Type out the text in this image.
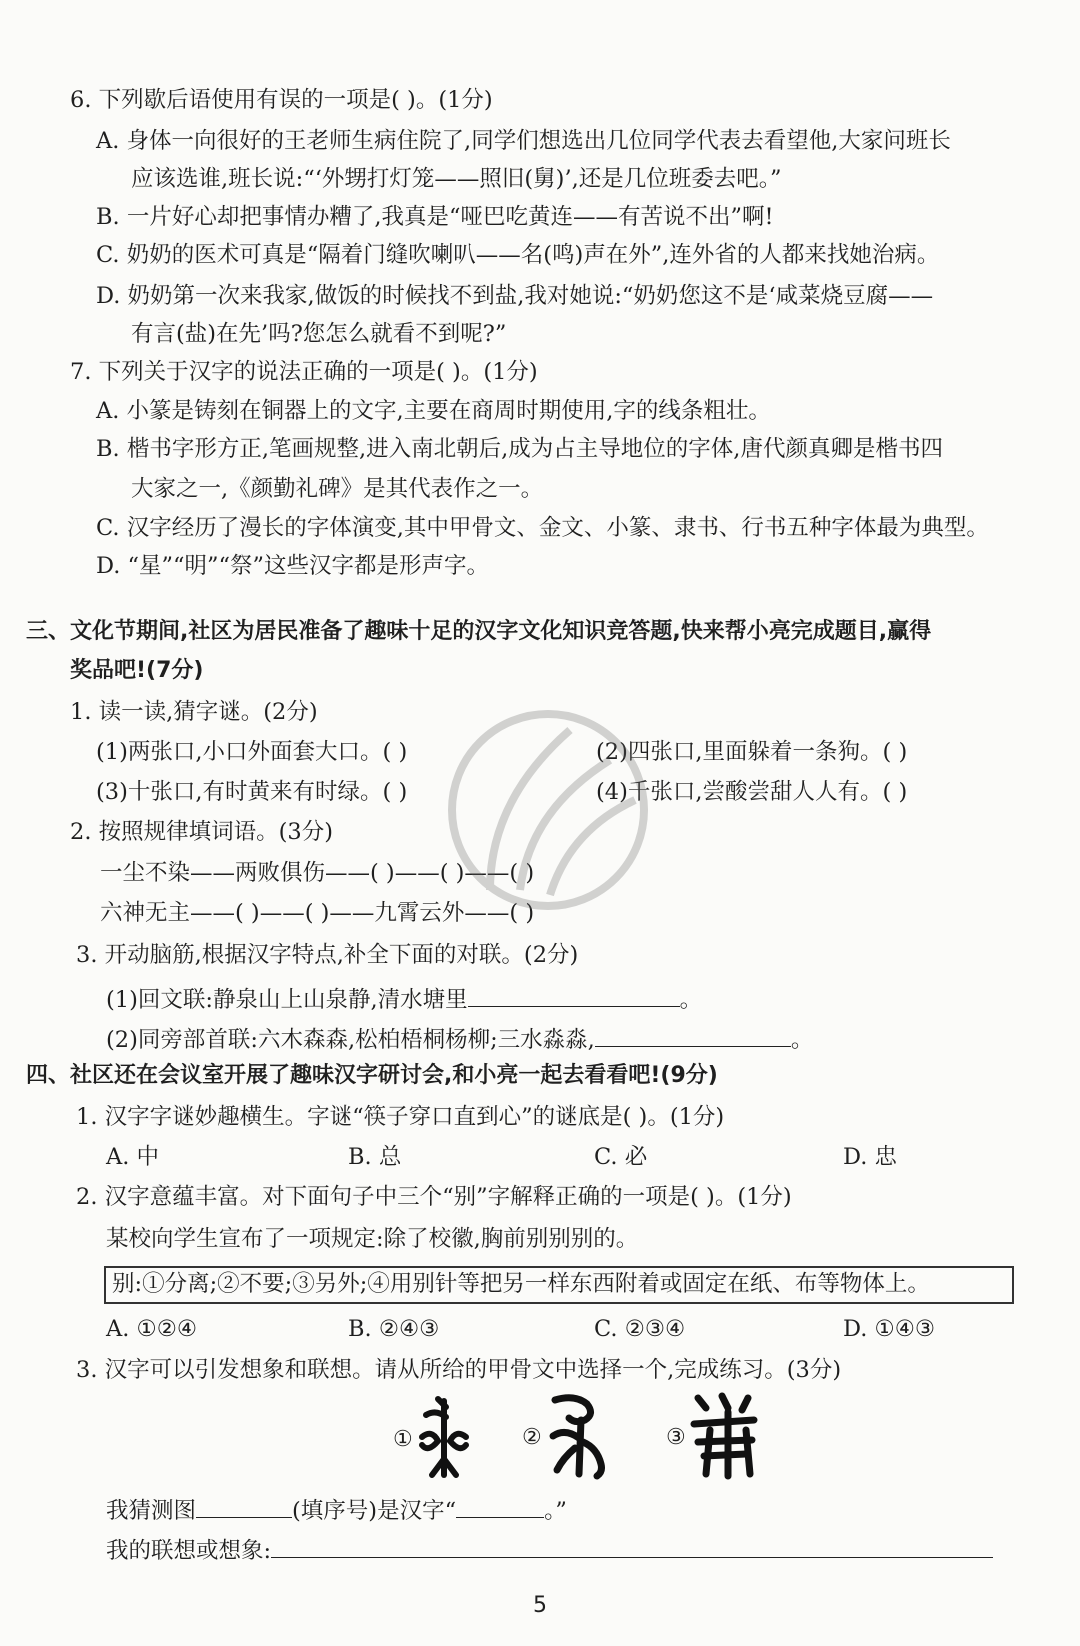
6. 下列歇后语使用有误的一项是( )。(1分)
A. 身体一向很好的王老师生病住院了,同学们想选出几位同学代表去看望他,大家问班长
应该选谁,班长说:“‘外甥打灯笼——照旧(舅)’,还是几位班委去吧。”
B. 一片好心却把事情办糟了,我真是“哑巴吃黄连——有苦说不出”啊!
C. 奶奶的医术可真是“隔着门缝吹喇叭——名(鸣)声在外”,连外省的人都来找她治病。
D. 奶奶第一次来我家,做饭的时候找不到盐,我对她说:“奶奶您这不是‘咸菜烧豆腐——
有言(盐)在先’吗?您怎么就看不到呢?”
7. 下列关于汉字的说法正确的一项是( )。(1分)
A. 小篆是铸刻在铜器上的文字,主要在商周时期使用,字的线条粗壮。
B. 楷书字形方正,笔画规整,进入南北朝后,成为占主导地位的字体,唐代颜真卿是楷书四
大家之一,《颜勤礼碑》是其代表作之一。
C. 汉字经历了漫长的字体演变,其中甲骨文、金文、小篆、隶书、行书五种字体最为典型。
D. “星”“明”“祭”这些汉字都是形声字。
三、文化节期间,社区为居民准备了趣味十足的汉字文化知识竞答题,快来帮小亮完成题目,赢得
奖品吧!(7分)
1. 读一读,猜字谜。(2分)
(1)两张口,小口外面套大口。( )	(2)四张口,里面躲着一条狗。( )
(3)十张口,有时黄来有时绿。( )	(4)千张口,尝酸尝甜人人有。( )
2. 按照规律填词语。(3分)
一尘不染——两败俱伤——( )——( )——( )
六神无主——( )——( )——九霄云外——( )
3. 开动脑筋,根据汉字特点,补全下面的对联。(2分)
(1)回文联:静泉山上山泉静,清水塘里	。
(2)同旁部首联:六木森森,松柏梧桐杨柳;三水淼淼,	。
四、社区还在会议室开展了趣味汉字研讨会,和小亮一起去看看吧!(9分)
1. 汉字字谜妙趣横生。字谜“筷子穿口直到心”的谜底是( )。(1分)
A. 中	B. 总	C. 必	D. 忠
2. 汉字意蕴丰富。对下面句子中三个“别”字解释正确的一项是( )。(1分)
某校向学生宣布了一项规定:除了校徽,胸前别别别的。
别:①分离;②不要;③另外;④用别针等把另一样东西附着或固定在纸、布等物体上。
A. ①②④	B. ②④③	C. ②③④	D. ①④③
3. 汉字可以引发想象和联想。请从所给的甲骨文中选择一个,完成练习。(3分)
①	②	③
我猜测图	(填序号)是汉字“	。”
我的联想或想象:
5
